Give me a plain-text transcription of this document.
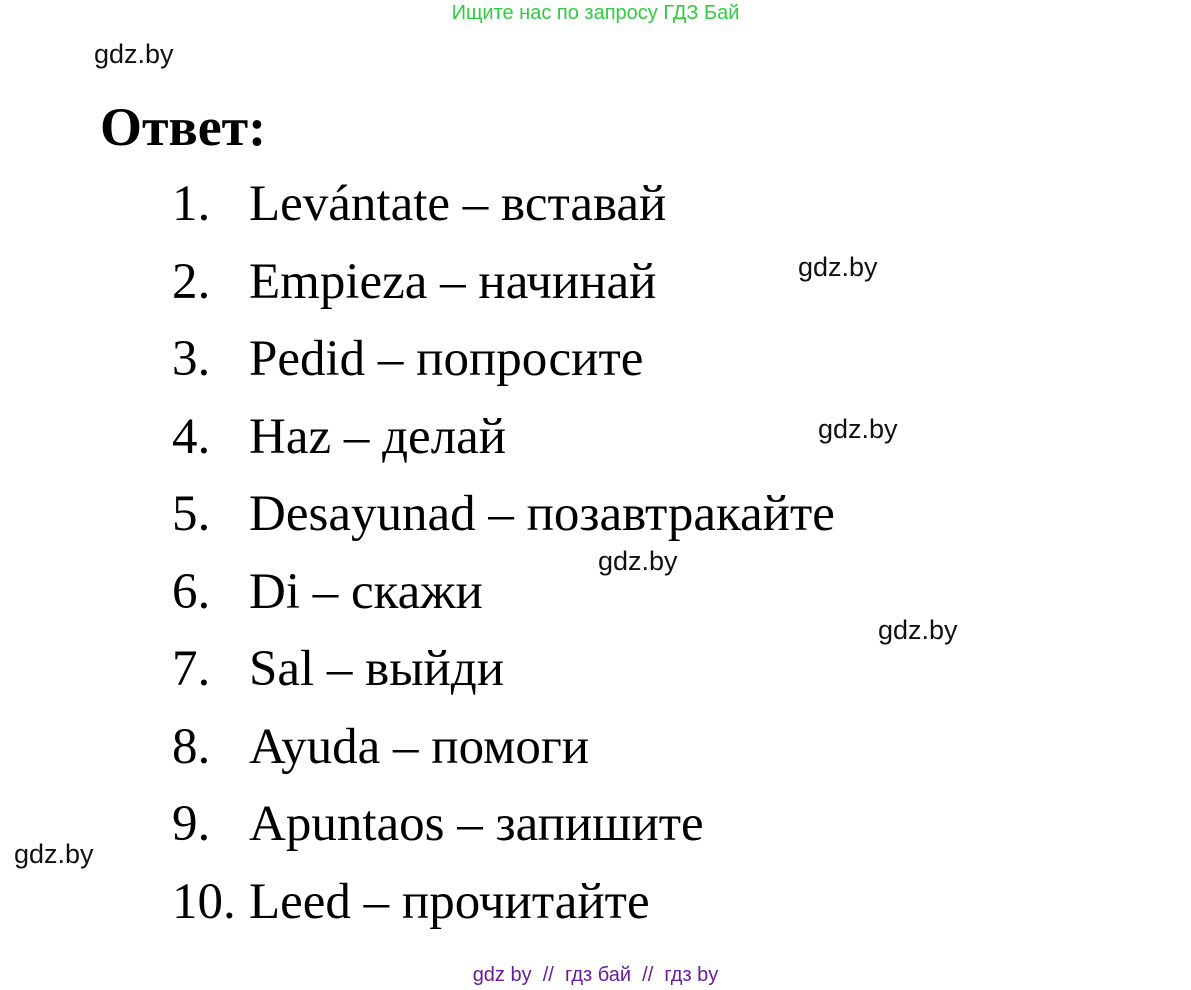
Ищите нас по запросу ГДЗ Бай
gdz.by
gdz.by
gdz.by
gdz.by
gdz.by
gdz.by
Ответ:
1. Levántate – вставай
2. Empieza – начинай
3. Pedid – попросите
4. Haz – делай
5. Desayunad – позавтракайте
6. Di – скажи
7. Sal – выйди
8. Ayuda – помоги
9. Apuntaos – запишите
10. Leed – прочитайте
gdz by  //  гдз бай  //  гдз by
